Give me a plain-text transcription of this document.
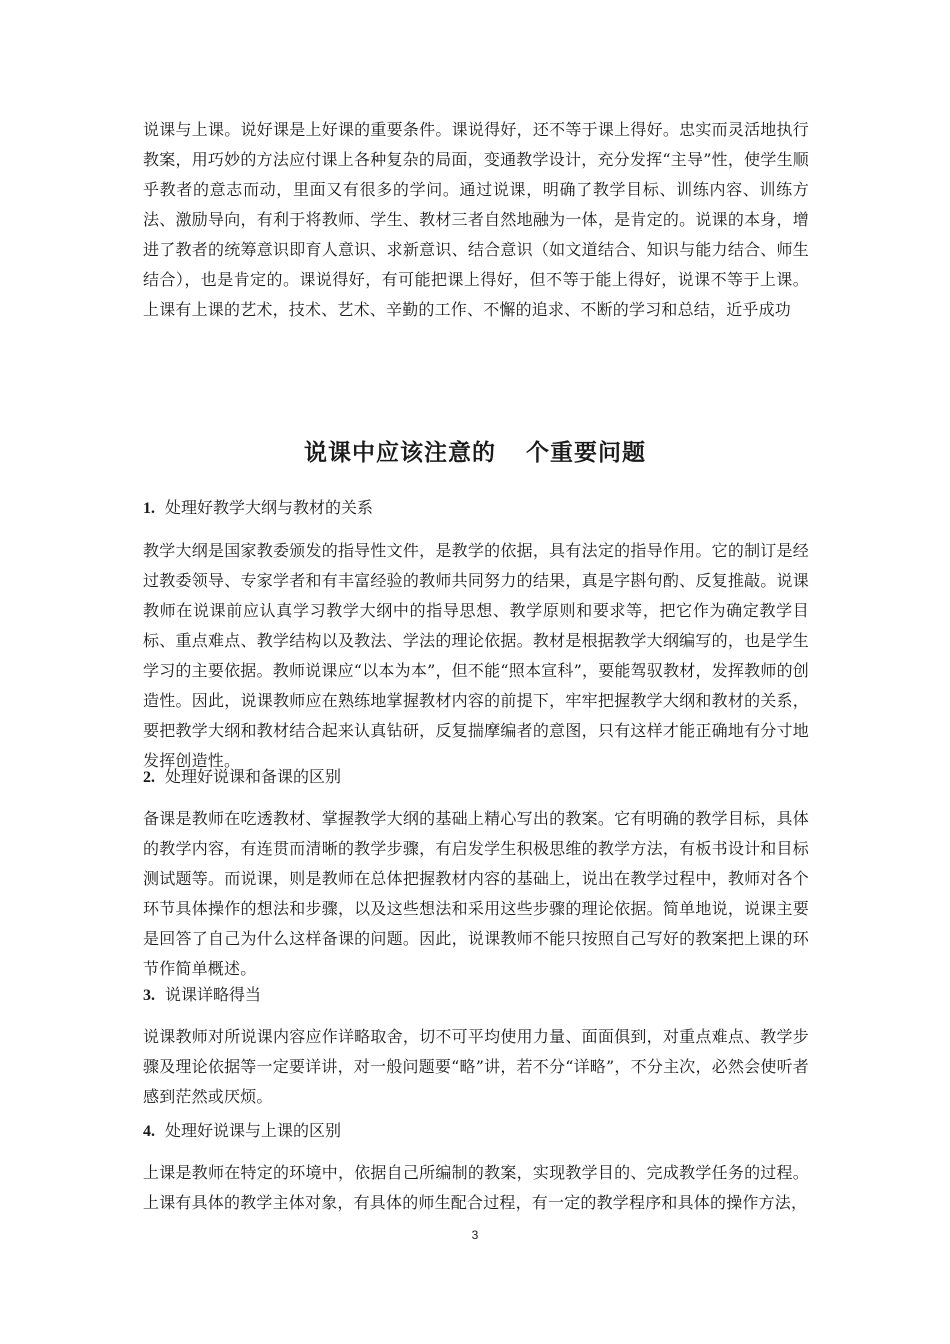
说课与上课。说好课是上好课的重要条件。课说得好，还不等于课上得好。忠实而灵活地执行教案，用巧妙的方法应付课上各种复杂的局面，变通教学设计，充分发挥“主导”性，使学生顺乎教者的意志而动，里面又有很多的学问。通过说课，明确了教学目标、训练内容、训练方法、激励导向，有利于将教师、学生、教材三者自然地融为一体，是肯定的。说课的本身，增进了教者的统筹意识即育人意识、求新意识、结合意识（如文道结合、知识与能力结合、师生结合），也是肯定的。课说得好，有可能把课上得好，但不等于能上得好，说课不等于上课。上课有上课的艺术，技术、艺术、辛勤的工作、不懈的追求、不断的学习和总结，近乎成功

说课中应该注意的 个重要问题
1. 处理好教学大纲与教材的关系

教学大纲是国家教委颁发的指导性文件，是教学的依据，具有法定的指导作用。它的制订是经过教委领导、专家学者和有丰富经验的教师共同努力的结果，真是字斟句酌、反复推敲。说课教师在说课前应认真学习教学大纲中的指导思想、教学原则和要求等，把它作为确定教学目标、重点难点、教学结构以及教法、学法的理论依据。教材是根据教学大纲编写的，也是学生学习的主要依据。教师说课应“以本为本”，但不能“照本宣科”，要能驾驭教材，发挥教师的创造性。因此，说课教师应在熟练地掌握教材内容的前提下，牢牢把握教学大纲和教材的关系，要把教学大纲和教材结合起来认真钻研，反复揣摩编者的意图，只有这样才能正确地有分寸地发挥创造性。

2. 处理好说课和备课的区别

备课是教师在吃透教材、掌握教学大纲的基础上精心写出的教案。它有明确的教学目标，具体的教学内容，有连贯而清晰的教学步骤，有启发学生积极思维的教学方法，有板书设计和目标测试题等。而说课，则是教师在总体把握教材内容的基础上，说出在教学过程中，教师对各个环节具体操作的想法和步骤，以及这些想法和采用这些步骤的理论依据。简单地说，说课主要是回答了自己为什么这样备课的问题。因此，说课教师不能只按照自己写好的教案把上课的环节作简单概述。

3. 说课详略得当

说课教师对所说课内容应作详略取舍，切不可平均使用力量、面面俱到，对重点难点、教学步骤及理论依据等一定要详讲，对一般问题要“略”讲，若不分“详略”，不分主次，必然会使听者感到茫然或厌烦。

4. 处理好说课与上课的区别

上课是教师在特定的环境中，依据自己所编制的教案，实现教学目的、完成教学任务的过程。上课有具体的教学主体对象，有具体的师生配合过程，有一定的教学程序和具体的操作方法，

3
